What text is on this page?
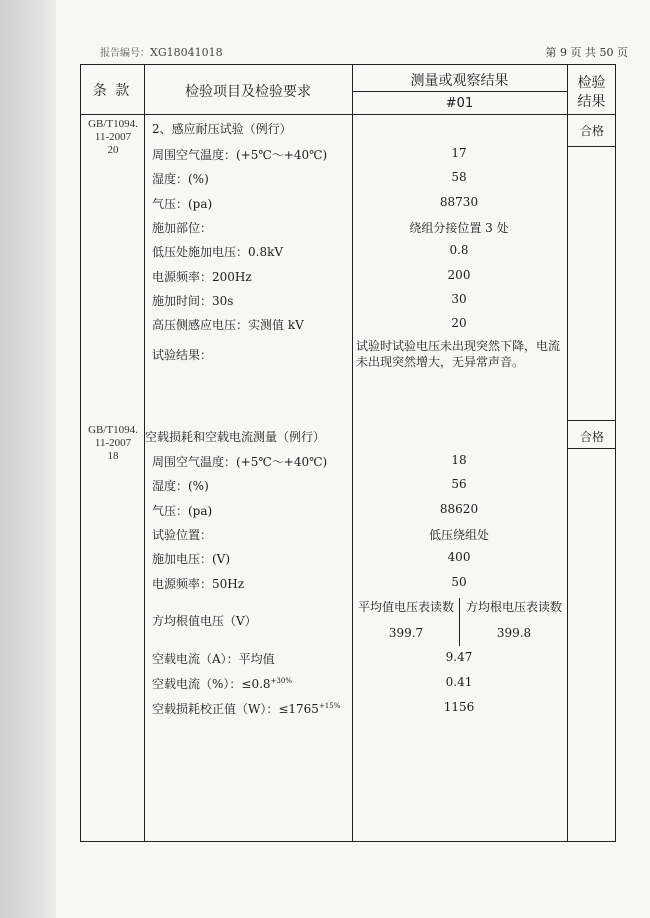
报告编号：XG18041018	第 9 页 共 50 页
条 款	检验项目及检验要求
测量或观察结果
#01
检验
结果
GB/T1094.
11-2007
20
2、感应耐压试验（例行）	合格
周围空气温度：(+5℃～+40℃)	17
湿度：(%)	58
气压：(pa)	88730
施加部位：	绕组分接位置 3 处
低压处施加电压：0.8kV	0.8
电源频率：200Hz	200
施加时间：30s	30
高压侧感应电压：实测值 kV	20
试验结果：
试验时试验电压未出现突然下降，电流未出现突然增大，无异常声音。
GB/T1094.
11-2007
18
空载损耗和空载电流测量（例行）	合格
周围空气温度：(+5℃～+40℃)	18
湿度：(%)	56
气压：(pa)	88620
试验位置：	低压绕组处
施加电压：(V)	400
电源频率：50Hz	50
方均根值电压（V）
平均值电压表读数 方均根电压表读数
399.7	399.8
空载电流（A）：平均值	9.47
空载电流（%）：$\le 0.8^{+30\%}$	0.41
空载损耗校正值（W）：$\le 1765^{+15\%}$	1156
